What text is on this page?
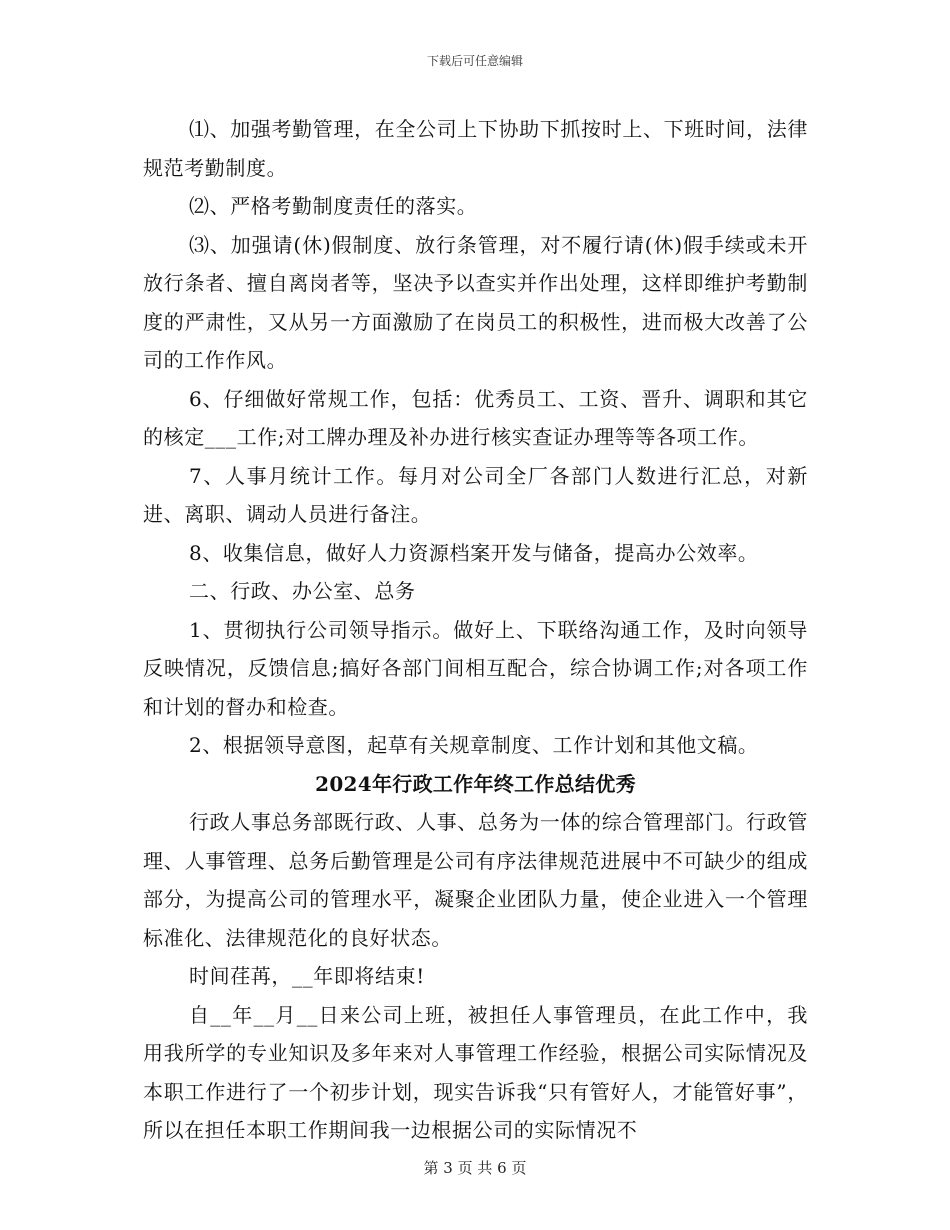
下载后可任意编辑

⑴、加强考勤管理，在全公司上下协助下抓按时上、下班时间，法律规范考勤制度。

⑵、严格考勤制度责任的落实。

⑶、加强请(休)假制度、放行条管理，对不履行请(休)假手续或未开放行条者、擅自离岗者等，坚决予以查实并作出处理，这样即维护考勤制度的严肃性，又从另一方面激励了在岗员工的积极性，进而极大改善了公司的工作作风。

6、仔细做好常规工作，包括：优秀员工、工资、晋升、调职和其它的核定___工作;对工牌办理及补办进行核实查证办理等等各项工作。

7、人事月统计工作。每月对公司全厂各部门人数进行汇总，对新进、离职、调动人员进行备注。

8、收集信息，做好人力资源档案开发与储备，提高办公效率。

二、行政、办公室、总务

1、贯彻执行公司领导指示。做好上、下联络沟通工作，及时向领导反映情况，反馈信息;搞好各部门间相互配合，综合协调工作;对各项工作和计划的督办和检查。

2、根据领导意图，起草有关规章制度、工作计划和其他文稿。

2024年行政工作年终工作总结优秀

行政人事总务部既行政、人事、总务为一体的综合管理部门。行政管理、人事管理、总务后勤管理是公司有序法律规范进展中不可缺少的组成部分，为提高公司的管理水平，凝聚企业团队力量，使企业进入一个管理标准化、法律规范化的良好状态。

时间荏苒，__年即将结束!

自__年__月__日来公司上班，被担任人事管理员，在此工作中，我用我所学的专业知识及多年来对人事管理工作经验，根据公司实际情况及本职工作进行了一个初步计划，现实告诉我“只有管好人，才能管好事”，所以在担任本职工作期间我一边根据公司的实际情况不

第 3 页 共 6 页
